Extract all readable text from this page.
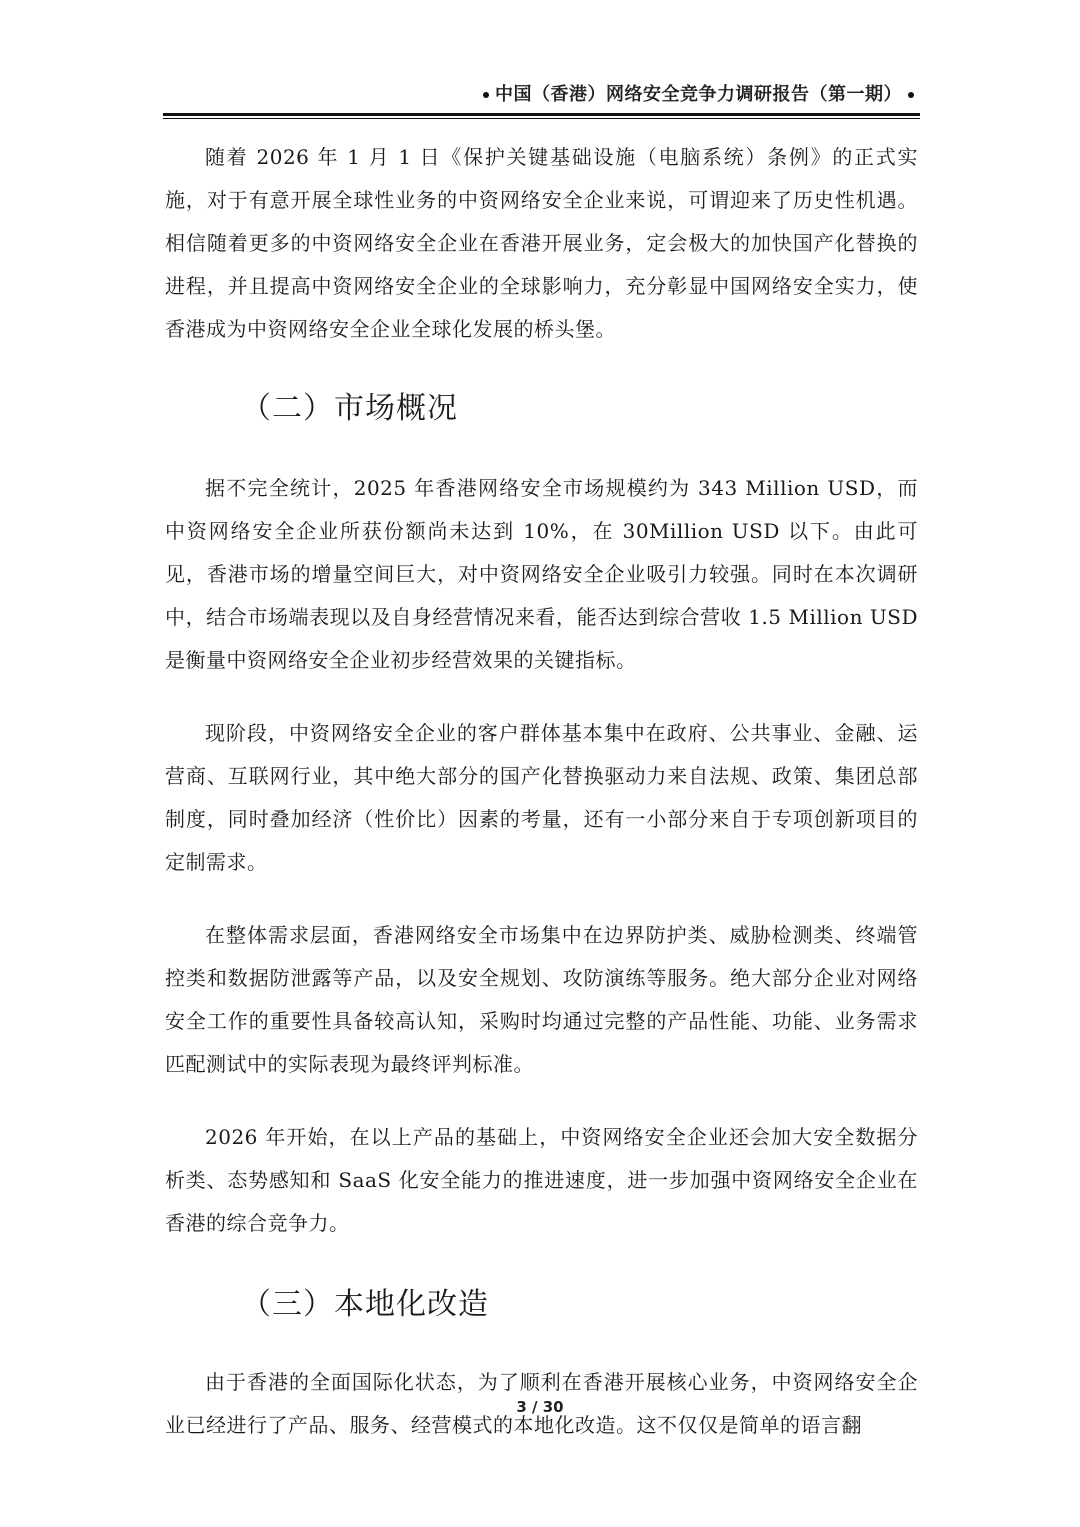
中国（香港）网络安全竞争力调研报告（第一期）

随着 2026 年 1 月 1 日《保护关键基础设施（电脑系统）条例》的正式实施，对于有意开展全球性业务的中资网络安全企业来说，可谓迎来了历史性机遇。相信随着更多的中资网络安全企业在香港开展业务，定会极大的加快国产化替换的进程，并且提高中资网络安全企业的全球影响力，充分彰显中国网络安全实力，使香港成为中资网络安全企业全球化发展的桥头堡。

（二）市场概况

据不完全统计，2025 年香港网络安全市场规模约为 343 Million USD，而中资网络安全企业所获份额尚未达到 10%，在 30Million USD 以下。由此可见，香港市场的增量空间巨大，对中资网络安全企业吸引力较强。同时在本次调研中，结合市场端表现以及自身经营情况来看，能否达到综合营收 1.5 Million USD 是衡量中资网络安全企业初步经营效果的关键指标。

现阶段，中资网络安全企业的客户群体基本集中在政府、公共事业、金融、运营商、互联网行业，其中绝大部分的国产化替换驱动力来自法规、政策、集团总部制度，同时叠加经济（性价比）因素的考量，还有一小部分来自于专项创新项目的定制需求。

在整体需求层面，香港网络安全市场集中在边界防护类、威胁检测类、终端管控类和数据防泄露等产品，以及安全规划、攻防演练等服务。绝大部分企业对网络安全工作的重要性具备较高认知，采购时均通过完整的产品性能、功能、业务需求匹配测试中的实际表现为最终评判标准。

2026 年开始，在以上产品的基础上，中资网络安全企业还会加大安全数据分析类、态势感知和 SaaS 化安全能力的推进速度，进一步加强中资网络安全企业在香港的综合竞争力。

（三）本地化改造

由于香港的全面国际化状态，为了顺利在香港开展核心业务，中资网络安全企业已经进行了产品、服务、经营模式的本地化改造。这不仅仅是简单的语言翻

3 / 30
